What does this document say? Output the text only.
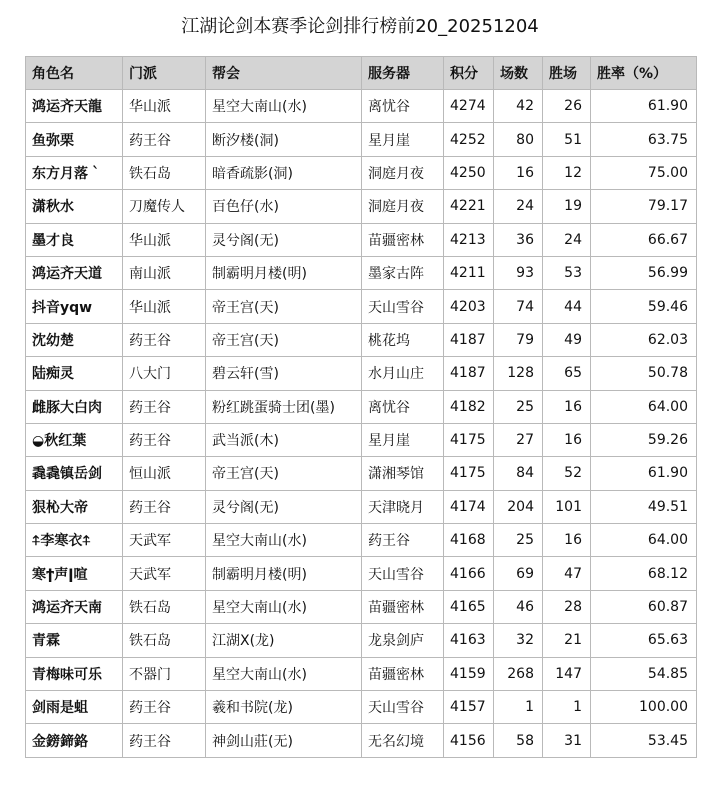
江湖论剑本赛季论剑排行榜前20_20251204
角色名	门派	帮会	服务器	积分	场数	胜场	胜率（%）
鸿运齐天龍	华山派	星空大南山(水)	离忧谷	4274	42	26	61.90
鱼弥栗	药王谷	断汐楼(洞)	星月崖	4252	80	51	63.75
东方月落｀	铁石岛	暗香疏影(洞)	洞庭月夜	4250	16	12	75.00
潇秋水	刀魔传人	百色仔(水)	洞庭月夜	4221	24	19	79.17
墨才良	华山派	灵兮阁(无)	苗疆密林	4213	36	24	66.67
鸿运齐天道	南山派	制霸明月楼(明)	墨家古阵	4211	93	53	56.99
抖音yqw	华山派	帝王宫(天)	天山雪谷	4203	74	44	59.46
沈幼楚	药王谷	帝王宫(天)	桃花坞	4187	79	49	62.03
陆痴灵	八大门	碧云轩(雪)	水月山庄	4187	128	65	50.78
雌豚大白肉	药王谷	粉红跳蛋骑士团(墨)	离忧谷	4182	25	16	64.00
◒秋红葉	药王谷	武当派(木)	星月崖	4175	27	16	59.26
毳毳镇岳剑	恒山派	帝王宫(天)	潇湘琴馆	4175	84	52	61.90
狠杺大帝	药王谷	灵兮阁(无)	天津晓月	4174	204	101	49.51
⍏李寒衣⍏	天武军	星空大南山(水)	药王谷	4168	25	16	64.00
寒ϯ声ǀ喧	天武军	制霸明月楼(明)	天山雪谷	4166	69	47	68.12
鸿运齐天南	铁石岛	星空大南山(水)	苗疆密林	4165	46	28	60.87
青霖	铁石岛	江湖X(龙)	龙泉剑庐	4163	32	21	65.63
青梅味可乐	不器门	星空大南山(水)	苗疆密林	4159	268	147	54.85
剑雨是蛆	药王谷	羲和书院(龙)	天山雪谷	4157	1	1	100.00
金鎊鍗鉻	药王谷	神剑山莊(无)	无名幻境	4156	58	31	53.45
